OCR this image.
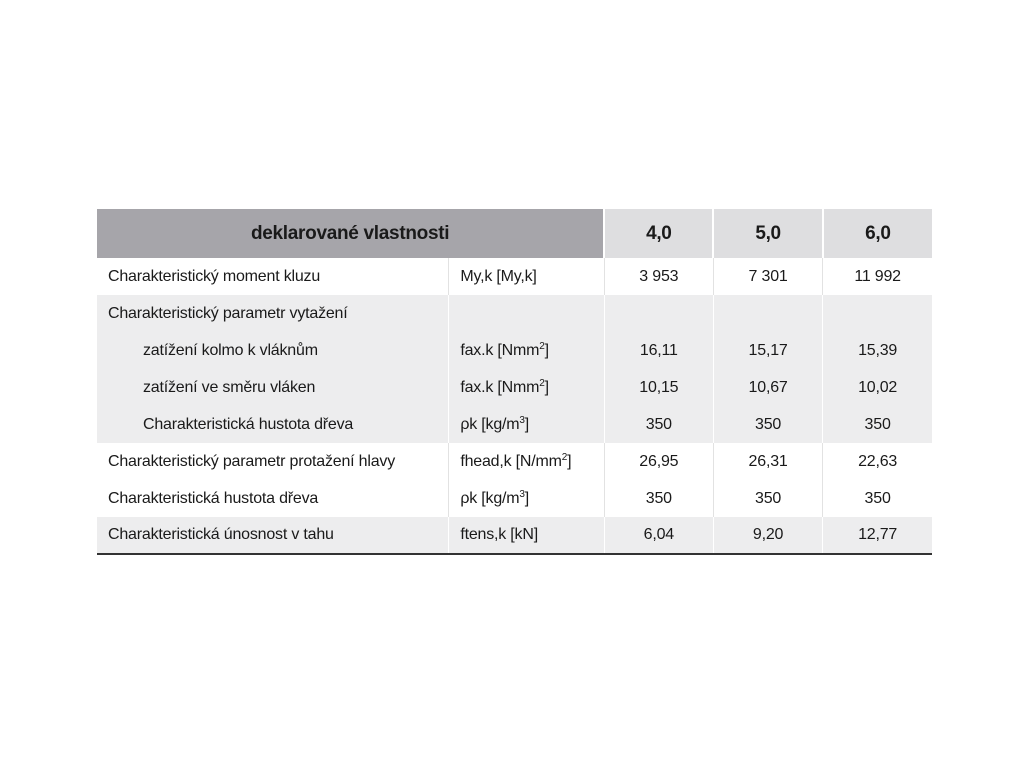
deklarované vlastnosti		4,0	5,0	6,0
Charakteristický moment kluzu	My,k [My,k]	3 953	7 301	11 992
Charakteristický parametr vytažení				
zatížení kolmo k vláknům	fax.k [Nmm$^2$]	16,11	15,17	15,39
zatížení ve směru vláken	fax.k [Nmm$^2$]	10,15	10,67	10,02
Charakteristická hustota dřeva	ρk $[kg/m^3]$	350	350	350
Charakteristický parametr protažení hlavy	fhead,k $[N/mm^2]$	26,95	26,31	22,63
Charakteristická hustota dřeva	ρk $[kg/m^3]$	350	350	350
Charakteristická únosnost v tahu	ftens,k [kN]	6,04	9,20	12,77
